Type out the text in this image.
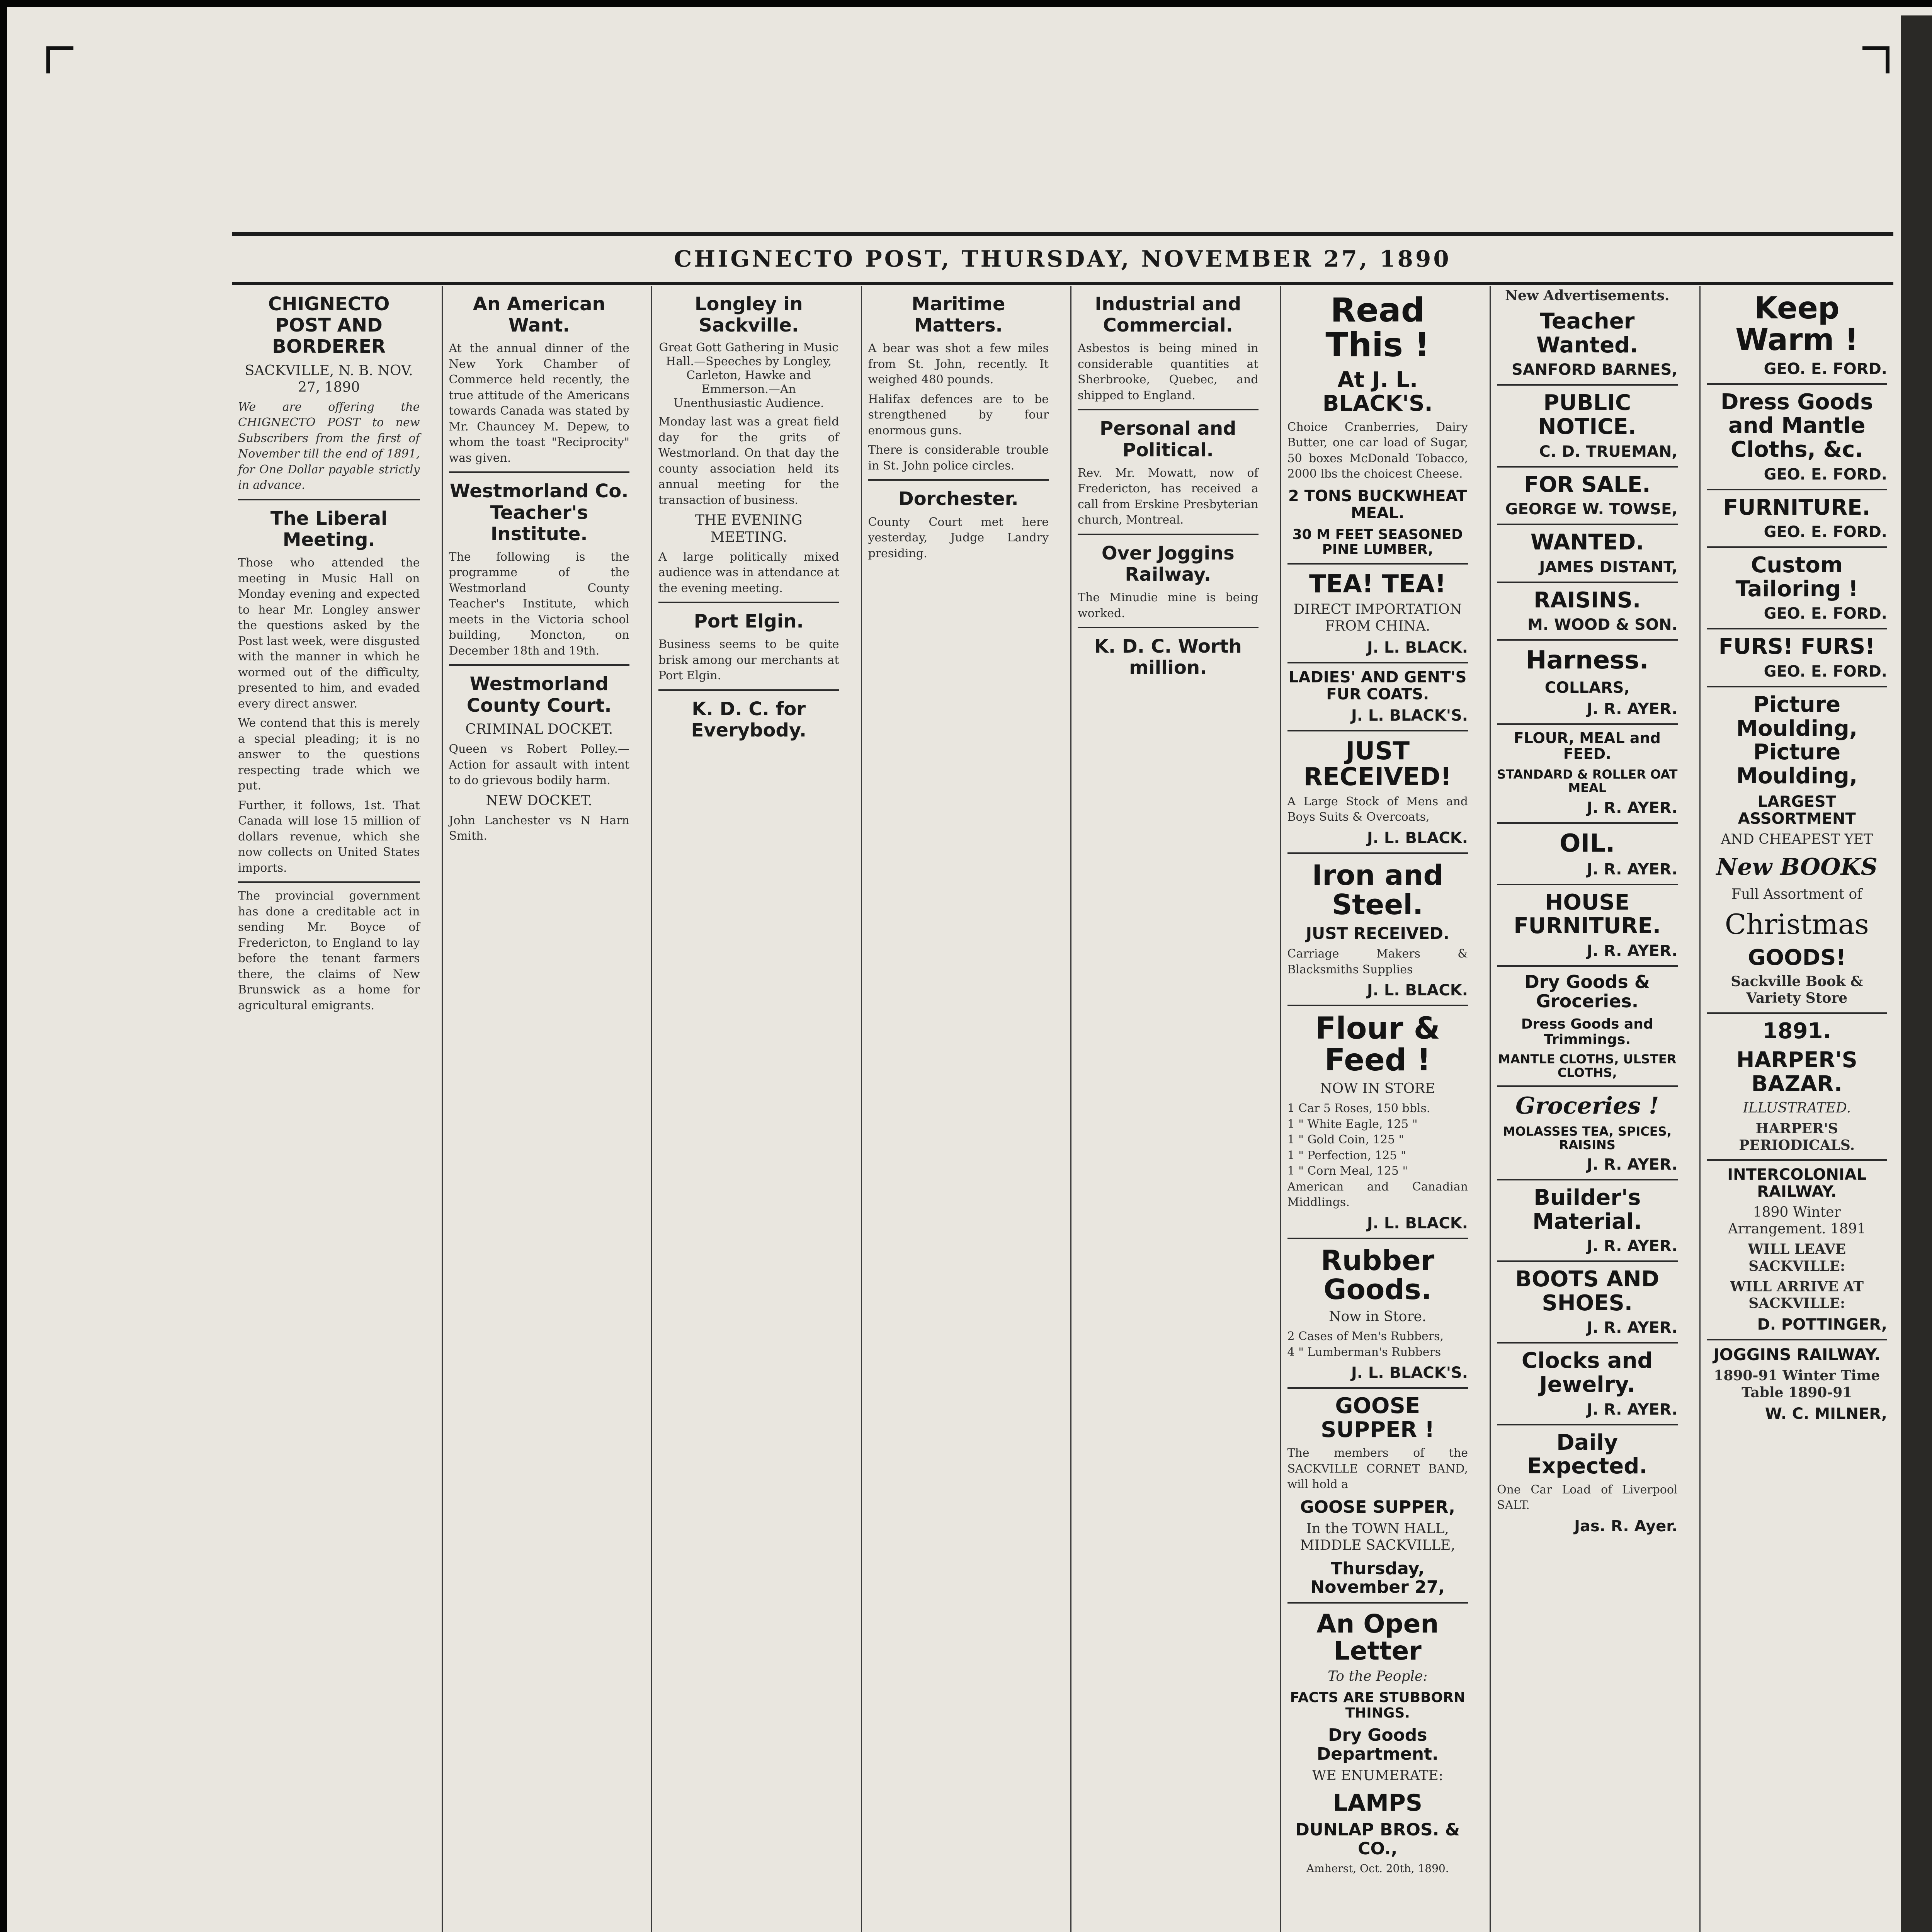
CHIGNECTO POST, THURSDAY, NOVEMBER 27, 1890
CHIGNECTO POST AND BORDERER
SACKVILLE, N. B. NOV. 27, 1890

We are offering the CHIGNECTO POST to new Subscribers from the first of November till the end of 1891, for One Dollar payable strictly in advance.

The Liberal Meeting.

Those who attended the meeting in Music Hall on Monday evening and expected to hear Mr. Longley answer the questions asked by the Post last week, were disgusted with the manner in which he wormed out of the difficulty, presented to him, and evaded every direct answer.

We contend that this is merely a special pleading; it is no answer to the questions respecting trade which we put.

Further, it follows, 1st. That Canada will lose 15 million of dollars revenue, which she now collects on United States imports.

The provincial government has done a creditable act in sending Mr. Boyce of Fredericton, to England to lay before the tenant farmers there, the claims of New Brunswick as a home for agricultural emigrants.

An American Want.

At the annual dinner of the New York Chamber of Commerce held recently, the true attitude of the Americans towards Canada was stated by Mr. Chauncey M. Depew, to whom the toast "Reciprocity" was given.

Westmorland Co. Teacher's Institute.

The following is the programme of the Westmorland County Teacher's Institute, which meets in the Victoria school building, Moncton, on December 18th and 19th.

Westmorland County Court.
CRIMINAL DOCKET.

Queen vs Robert Polley.—Action for assault with intent to do grievous bodily harm.

NEW DOCKET.

John Lanchester vs N Harn Smith.

Longley in Sackville.
Great Gott Gathering in Music Hall.—Speeches by Longley, Carleton, Hawke and Emmerson.—An Unenthusiastic Audience.

Monday last was a great field day for the grits of Westmorland. On that day the county association held its annual meeting for the transaction of business.

THE EVENING MEETING.

A large politically mixed audience was in attendance at the evening meeting.

Port Elgin.

Business seems to be quite brisk among our merchants at Port Elgin.

K. D. C. for Everybody.
Maritime Matters.

A bear was shot a few miles from St. John, recently. It weighed 480 pounds.

Halifax defences are to be strengthened by four enormous guns.

There is considerable trouble in St. John police circles.

Dorchester.

County Court met here yesterday, Judge Landry presiding.

Industrial and Commercial.

Asbestos is being mined in considerable quantities at Sherbrooke, Quebec, and shipped to England.

Personal and Political.

Rev. Mr. Mowatt, now of Fredericton, has received a call from Erskine Presbyterian church, Montreal.

Over Joggins Railway.

The Minudie mine is being worked.

K. D. C. Worth million.
Read This !
At J. L. BLACK'S.

Choice Cranberries, Dairy Butter, one car load of Sugar, 50 boxes McDonald Tobacco, 2000 lbs the choicest Cheese.

2 TONS BUCKWHEAT MEAL.
30 M FEET SEASONED PINE LUMBER,
TEA! TEA!
DIRECT IMPORTATION FROM CHINA.
J. L. BLACK.
LADIES' AND GENT'S FUR COATS.
J. L. BLACK'S.
JUST RECEIVED!

A Large Stock of Mens and Boys Suits & Overcoats,

J. L. BLACK.
Iron and Steel.
JUST RECEIVED.

Carriage Makers & Blacksmiths Supplies

J. L. BLACK.
Flour & Feed !
NOW IN STORE

1 Car 5 Roses, 150 bbls.

1 " White Eagle, 125 "

1 " Gold Coin, 125 "

1 " Perfection, 125 "

1 " Corn Meal, 125 "

American and Canadian Middlings.

J. L. BLACK.
Rubber Goods.
Now in Store.

2 Cases of Men's Rubbers,

4 " Lumberman's Rubbers

J. L. BLACK'S.
GOOSE SUPPER !

The members of the SACKVILLE CORNET BAND, will hold a

GOOSE SUPPER,
In the TOWN HALL, MIDDLE SACKVILLE,
Thursday, November 27,
An Open Letter
To the People:
FACTS ARE STUBBORN THINGS.
Dry Goods Department.
WE ENUMERATE:
LAMPS
DUNLAP BROS. & CO.,
Amherst, Oct. 20th, 1890.
New Advertisements.
Teacher Wanted.
SANFORD BARNES,
PUBLIC NOTICE.
C. D. TRUEMAN,
FOR SALE.
GEORGE W. TOWSE,
WANTED.
JAMES DISTANT,
RAISINS.
M. WOOD & SON.
Harness.
COLLARS,
J. R. AYER.
FLOUR, MEAL and FEED.
STANDARD & ROLLER OAT MEAL
J. R. AYER.
OIL.
J. R. AYER.
HOUSE FURNITURE.
J. R. AYER.
Dry Goods & Groceries.
Dress Goods and Trimmings.
MANTLE CLOTHS, ULSTER CLOTHS,
Groceries !
MOLASSES TEA, SPICES, RAISINS
J. R. AYER.
Builder's Material.
J. R. AYER.
BOOTS AND SHOES.
J. R. AYER.
Clocks and Jewelry.
J. R. AYER.
Daily Expected.

One Car Load of Liverpool SALT.

Jas. R. Ayer.
Keep Warm !
GEO. E. FORD.
Dress Goods and Mantle Cloths, &c.
GEO. E. FORD.
FURNITURE.
GEO. E. FORD.
Custom Tailoring !
GEO. E. FORD.
FURS! FURS!
GEO. E. FORD.
Picture Moulding, Picture Moulding,
LARGEST ASSORTMENT
AND CHEAPEST YET
New BOOKS
Full Assortment of
Christmas
GOODS!
Sackville Book & Variety Store
1891.
HARPER'S BAZAR.
ILLUSTRATED.
HARPER'S PERIODICALS.
INTERCOLONIAL RAILWAY.
1890 Winter Arrangement. 1891
WILL LEAVE SACKVILLE:
WILL ARRIVE AT SACKVILLE:
D. POTTINGER,
JOGGINS RAILWAY.
1890-91 Winter Time Table 1890-91
W. C. MILNER,
